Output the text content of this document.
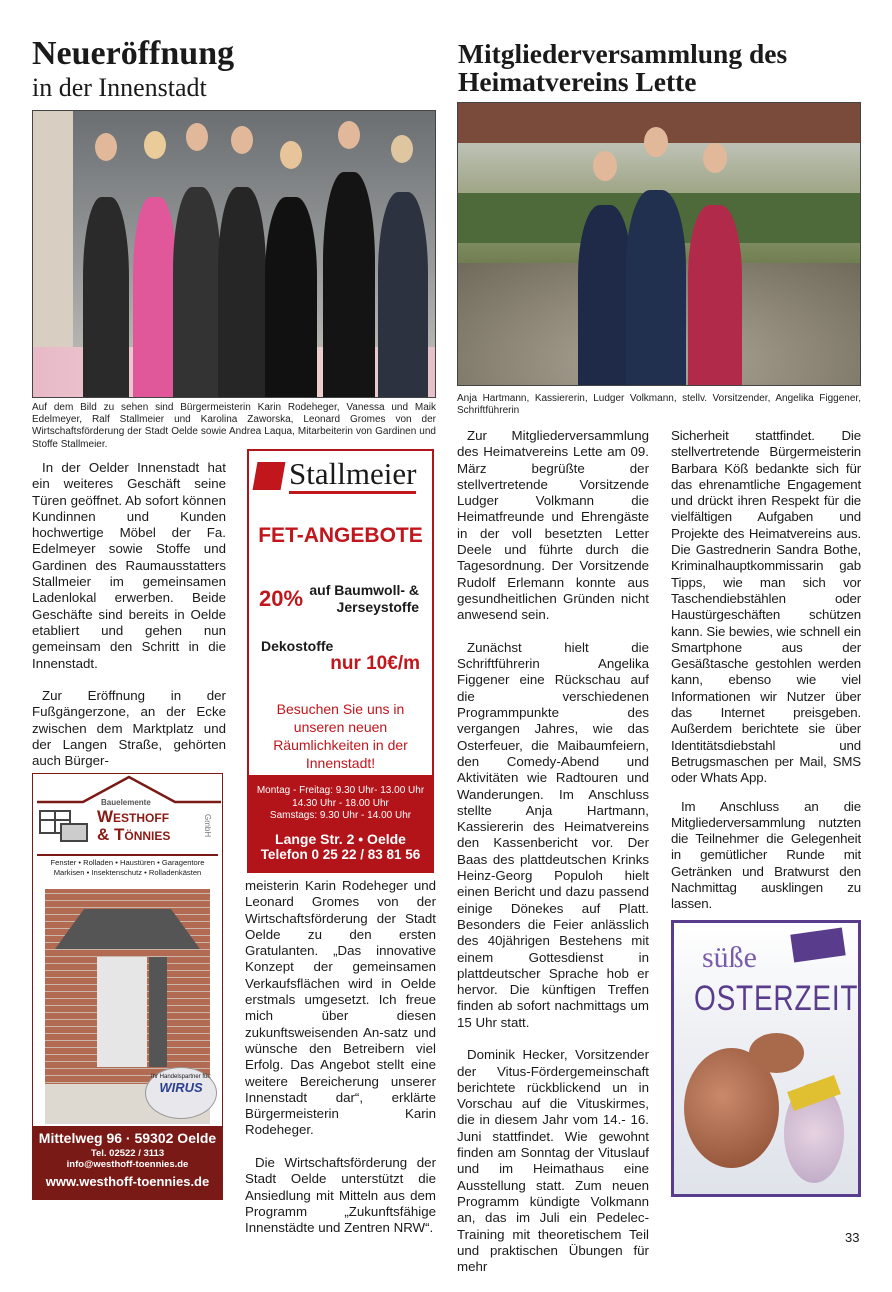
Neueröffnung
in der Innenstadt
Auf dem Bild zu sehen sind Bürgermeisterin Karin Rodeheger, Vanessa und Maik Edelmeyer, Ralf Stallmeier und Karolina Zaworska, Leonard Gromes von der Wirtschaftsförderung der Stadt Oelde sowie Andrea Laqua, Mitarbeiterin von Gardinen und Stoffe Stallmeier.

In der Oelder Innenstadt hat ein weiteres Geschäft seine Türen geöffnet. Ab sofort können Kundinnen und Kunden hochwertige Möbel der Fa. Edelmeyer sowie Stoffe und Gardinen des Raumausstatters Stallmeier im gemeinsamen Ladenlokal erwerben. Beide Geschäfte sind bereits in Oelde etabliert und gehen nun gemeinsam den Schritt in die Innenstadt.

Zur Eröffnung in der Fußgängerzone, an der Ecke zwischen dem Marktplatz und der Langen Straße, gehörten auch Bürger-

meisterin Karin Rodeheger und Leonard Gromes von der Wirtschaftsförderung der Stadt Oelde zu den ersten Gratulanten. „Das innovative Konzept der gemeinsamen Verkaufsflächen wird in Oelde erstmals umgesetzt. Ich freue mich über diesen zukunftsweisenden An-satz und wünsche den Betreibern viel Erfolg. Das Angebot stellt eine weitere Bereicherung unserer Innenstadt dar“, erklärte Bürgermeisterin Karin Rodeheger.

Die Wirtschaftsförderung der Stadt Oelde unterstützt die Ansiedlung mit Mitteln aus dem Programm „Zukunftsfähige Innenstädte und Zentren NRW“.

Stallmeier
FET-ANGEBOTE
20% auf Baumwoll- & Jerseystoffe
Dekostoffe
nur 10€/m
Besuchen Sie uns in unseren neuen Räumlichkeiten in der Innenstadt!
Montag - Freitag: 9.30 Uhr- 13.00 Uhr
14.30 Uhr - 18.00 Uhr
Samstags: 9.30 Uhr - 14.00 Uhr
Lange Str. 2 • Oelde
Telefon 0 25 22 / 83 81 56
Bauelemente
Westhoff
& Tönnies	GmbH
Fenster • Rolladen • Haustüren • Garagentore
Markisen • Insektenschutz • Rolladenkästen
Ihr Handelspartner für:
WIRUS
Mittelweg 96 · 59302 Oelde
Tel. 02522 / 3113
info@westhoff-toennies.de
www.westhoff-toennies.de
Mitgliederversammlung des Heimatvereins Lette
Anja Hartmann, Kassiererin, Ludger Volkmann, stellv. Vorsitzender, Angelika Figgener, Schriftführerin

Zur Mitgliederversammlung des Heimatvereins Lette am 09. März begrüßte der stellvertretende Vorsitzende Ludger Volkmann die Heimatfreunde und Ehrengäste in der voll besetzten Letter Deele und führte durch die Tagesordnung. Der Vorsitzende Rudolf Erlemann konnte aus gesundheitlichen Gründen nicht anwesend sein.

Zunächst hielt die Schriftführerin Angelika Figgener eine Rückschau auf die verschiedenen Programmpunkte des vergangen Jahres, wie das Osterfeuer, die Maibaumfeiern, den Comedy-Abend und Aktivitäten wie Radtouren und Wanderungen. Im Anschluss stellte Anja Hartmann, Kassiererin des Heimatvereins den Kassenbericht vor. Der Baas des plattdeutschen Krinks Heinz-Georg Populoh hielt einen Bericht und dazu passend einige Dönekes auf Platt. Besonders die Feier anlässlich des 40jährigen Bestehens mit einem Gottesdienst in plattdeutscher Sprache hob er hervor. Die künftigen Treffen finden ab sofort nachmittags um 15 Uhr statt.

Dominik Hecker, Vorsitzender der Vitus-Fördergemeinschaft berichtete rückblickend un in Vorschau auf die Vituskirmes, die in diesem Jahr vom 14.- 16. Juni stattfindet. Wie gewohnt finden am Sonntag der Vituslauf und im Heimathaus eine Ausstellung statt. Zum neuen Programm kündigte Volkmann an, das im Juli ein Pedelec-Training mit theoretischem Teil und praktischen Übungen für mehr

Sicherheit stattfindet. Die stellvertretende Bürgermeisterin Barbara Köß bedankte sich für das ehrenamtliche Engagement und drückt ihren Respekt für die vielfältigen Aufgaben und Projekte des Heimatvereins aus. Die Gastrednerin Sandra Bothe, Kriminalhauptkommissarin gab Tipps, wie man sich vor Taschendiebstählen oder Haustürgeschäften schützen kann. Sie bewies, wie schnell ein Smartphone aus der Gesäßtasche gestohlen werden kann, ebenso wie viel Informationen wir Nutzer über das Internet preisgeben. Außerdem berichtete sie über Identitätsdiebstahl und Betrugsmaschen per Mail, SMS oder Whats App.

Im Anschluss an die Mitgliederversammlung nutzten die Teilnehmer die Gelegenheit in gemütlicher Runde mit Getränken und Bratwurst den Nachmittag ausklingen zu lassen.

süße
OSTERZEIT
33
